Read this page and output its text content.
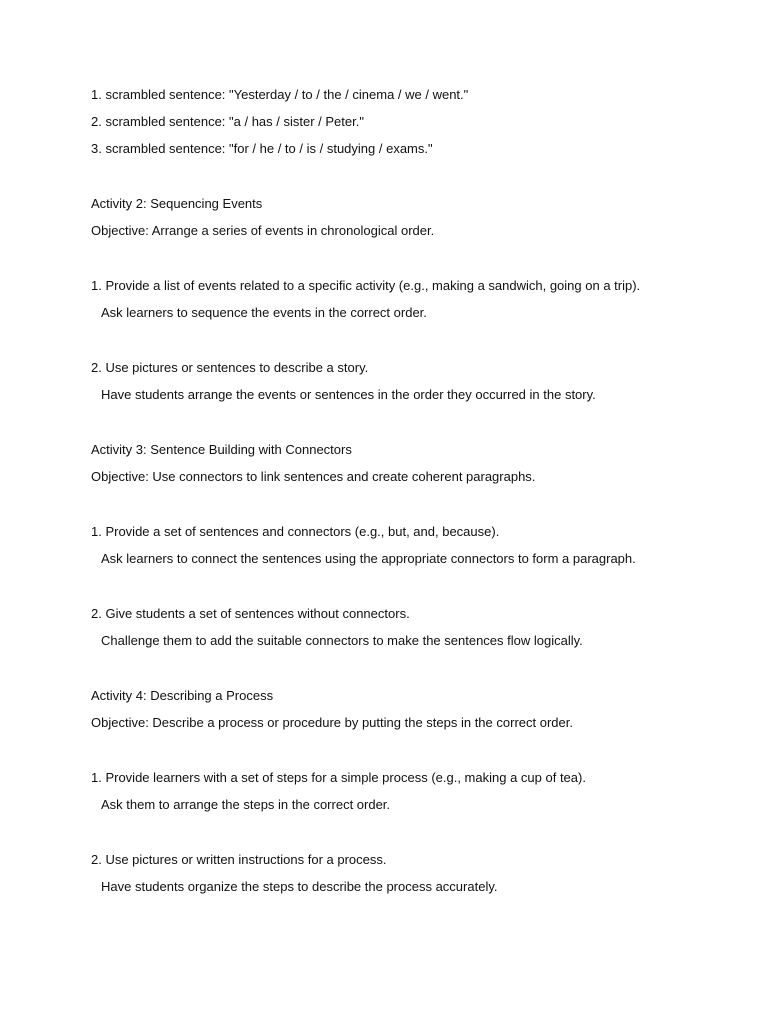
1. scrambled sentence: "Yesterday / to / the / cinema / we / went."
2. scrambled sentence: "a / has / sister / Peter."
3. scrambled sentence: "for / he / to / is / studying / exams."
Activity 2: Sequencing Events
Objective: Arrange a series of events in chronological order.
1. Provide a list of events related to a specific activity (e.g., making a sandwich, going on a trip).
Ask learners to sequence the events in the correct order.
2. Use pictures or sentences to describe a story.
Have students arrange the events or sentences in the order they occurred in the story.
Activity 3: Sentence Building with Connectors
Objective: Use connectors to link sentences and create coherent paragraphs.
1. Provide a set of sentences and connectors (e.g., but, and, because).
Ask learners to connect the sentences using the appropriate connectors to form a paragraph.
2. Give students a set of sentences without connectors.
Challenge them to add the suitable connectors to make the sentences flow logically.
Activity 4: Describing a Process
Objective: Describe a process or procedure by putting the steps in the correct order.
1. Provide learners with a set of steps for a simple process (e.g., making a cup of tea).
Ask them to arrange the steps in the correct order.
2. Use pictures or written instructions for a process.
Have students organize the steps to describe the process accurately.
